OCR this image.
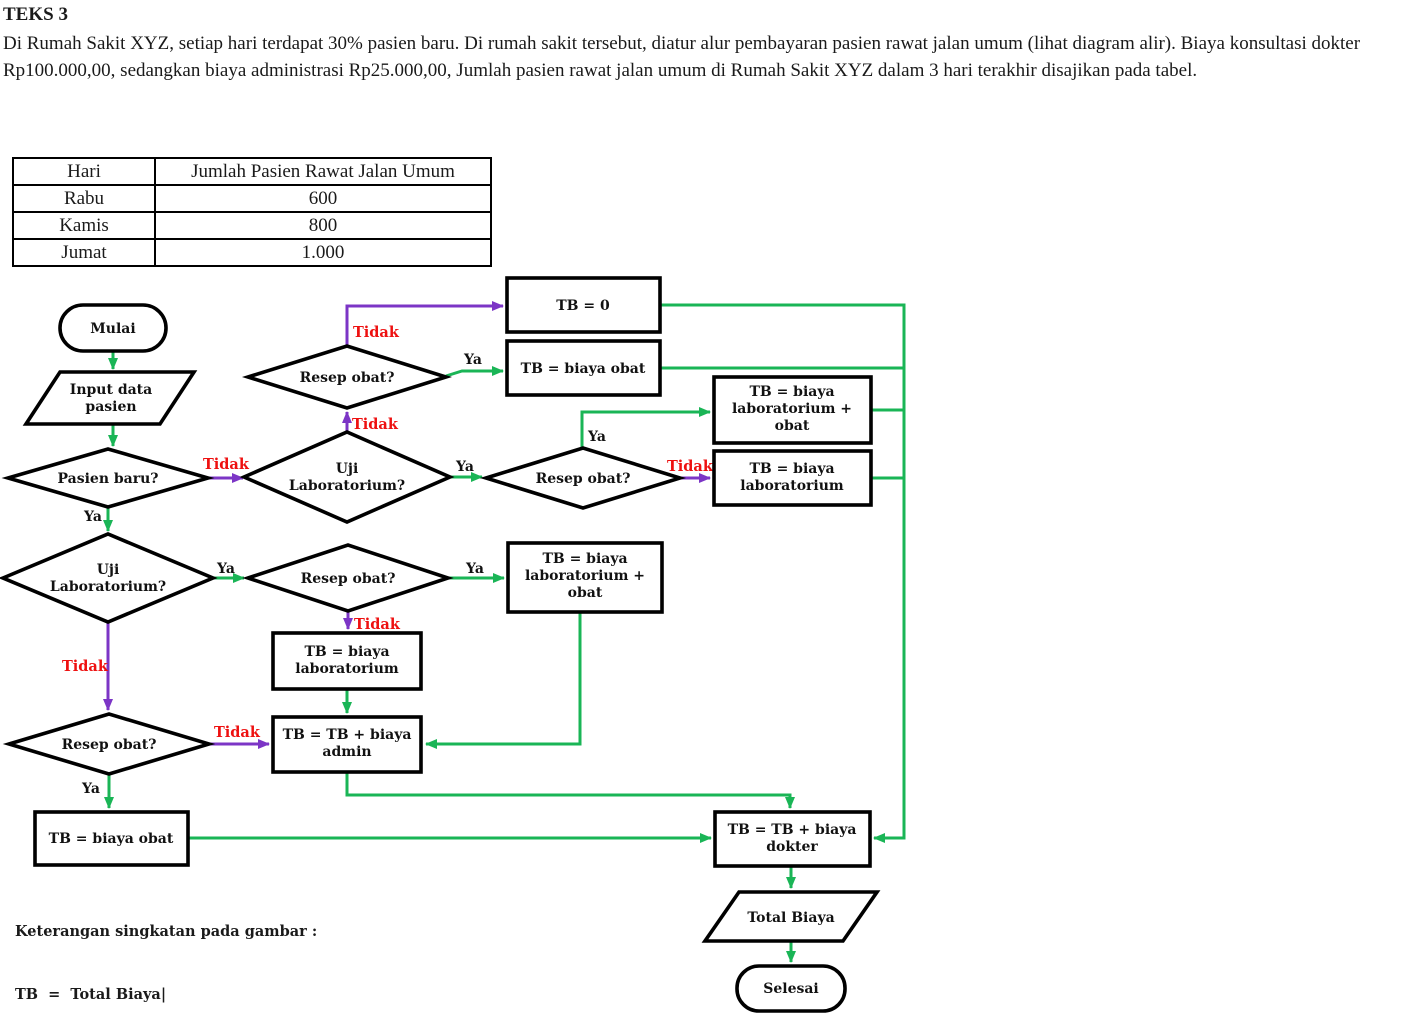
TEKS 3
Di Rumah Sakit XYZ, setiap hari terdapat 30% pasien baru. Di rumah sakit tersebut, diatur alur pembayaran pasien rawat jalan umum (lihat diagram alir). Biaya konsultasi dokter Rp100.000,00, sedangkan biaya administrasi Rp25.000,00, Jumlah pasien rawat jalan umum di Rumah Sakit XYZ dalam 3 hari terakhir disajikan pada tabel.
Hari	Jumlah Pasien Rawat Jalan Umum
Rabu	600
Kamis	800
Jumat	1.000
Ya
Ya
Ya
Ya
Ya	Ya
Ya
Tidak
Tidak
Tidak
Tidak
Tidak
Tidak
Tidak
Mulai
Input data
pasien
Pasien baru?
Resep obat?
Uji
Laboratorium?
TB = 0
TB = biaya obat
Resep obat?
TB = biaya
laboratorium +
obat
TB = biaya
laboratorium
Uji
Laboratorium?	Resep obat?
TB = biaya
laboratorium +
obat
TB = biaya
laboratorium
TB = TB + biaya
admin
Resep obat?
TB = biaya obat
TB = TB + biaya
dokter
Total Biaya
Selesai

Keterangan singkatan pada gambar :

TB  =  Total Biaya|
